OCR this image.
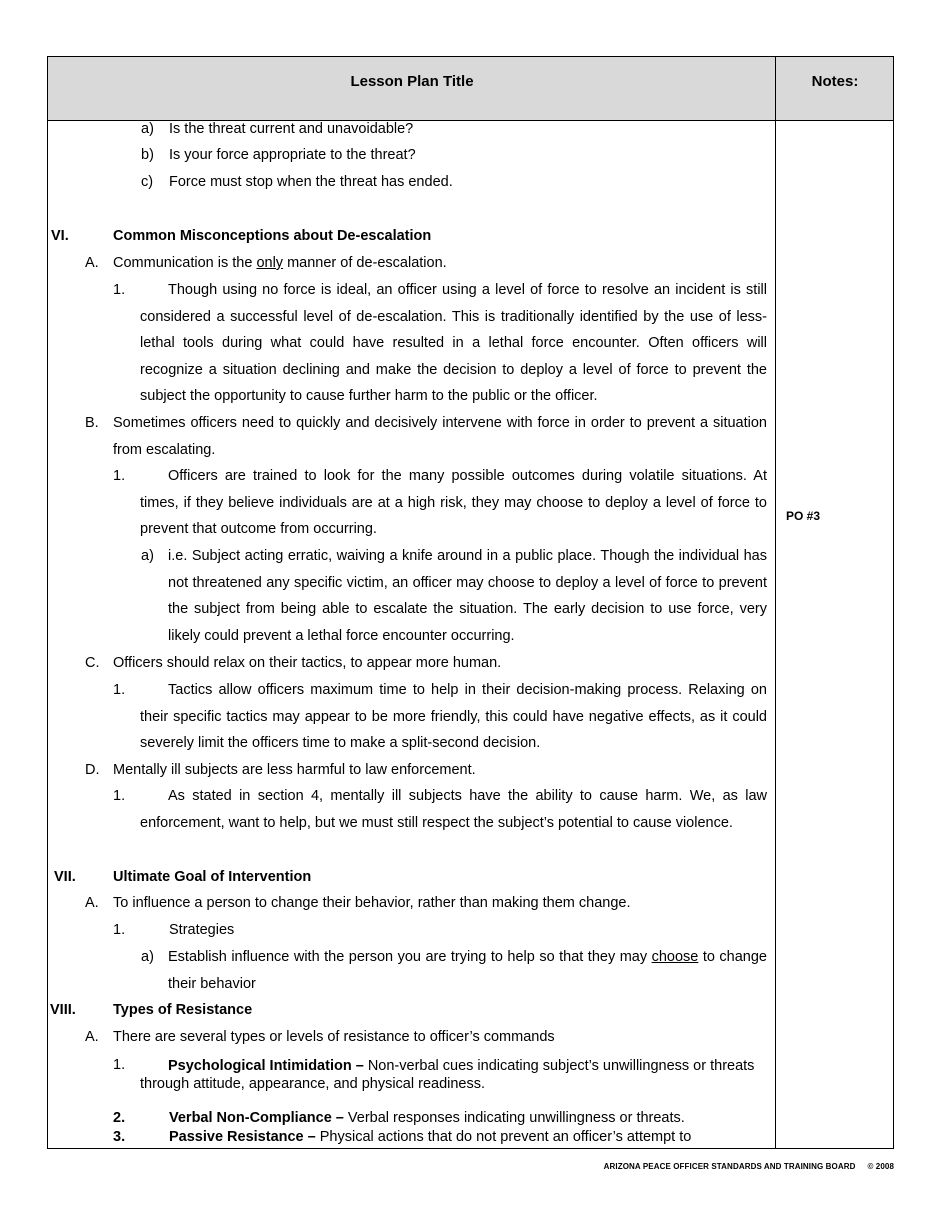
Lesson Plan Title	Notes:
PO #3
a) Is the threat current and unavoidable?
b) Is your force appropriate to the threat?
c) Force must stop when the threat has ended.
VI.	Common Misconceptions about De-escalation
A. Communication is the only manner of de-escalation.
1.	Though using no force is ideal, an officer using a level of force to resolve an incident is still considered a successful level of de-escalation. This is traditionally identified by the use of less-lethal tools during what could have resulted in a lethal force encounter. Often officers will recognize a situation declining and make the decision to deploy a level of force to prevent the subject the opportunity to cause further harm to the public or the officer.
B. Sometimes officers need to quickly and decisively intervene with force in order to prevent a situation from escalating.
1.	Officers are trained to look for the many possible outcomes during volatile situations. At times, if they believe individuals are at a high risk, they may choose to deploy a level of force to prevent that outcome from occurring.
a) i.e. Subject acting erratic, waiving a knife around in a public place. Though the individual has not threatened any specific victim, an officer may choose to deploy a level of force to prevent the subject from being able to escalate the situation. The early decision to use force, very likely could prevent a lethal force encounter occurring.
C. Officers should relax on their tactics, to appear more human.
1.	Tactics allow officers maximum time to help in their decision-making process. Relaxing on their specific tactics may appear to be more friendly, this could have negative effects, as it could severely limit the officers time to make a split-second decision.
D. Mentally ill subjects are less harmful to law enforcement.
1.	As stated in section 4, mentally ill subjects have the ability to cause harm. We, as law enforcement, want to help, but we must still respect the subject’s potential to cause violence.
VII.	Ultimate Goal of Intervention
A. To influence a person to change their behavior, rather than making them change.
1.	Strategies
a) Establish influence with the person you are trying to help so that they may choose to change their behavior
VIII.	Types of Resistance
A. There are several types or levels of resistance to officer’s commands
1.	Psychological Intimidation – Non-verbal cues indicating subject’s unwillingness or threats through attitude, appearance, and physical readiness.
2.	Verbal Non-Compliance – Verbal responses indicating unwillingness or threats.
3.	Passive Resistance – Physical actions that do not prevent an officer’s attempt to
ARIZONA PEACE OFFICER STANDARDS AND TRAINING BOARD © 2008
